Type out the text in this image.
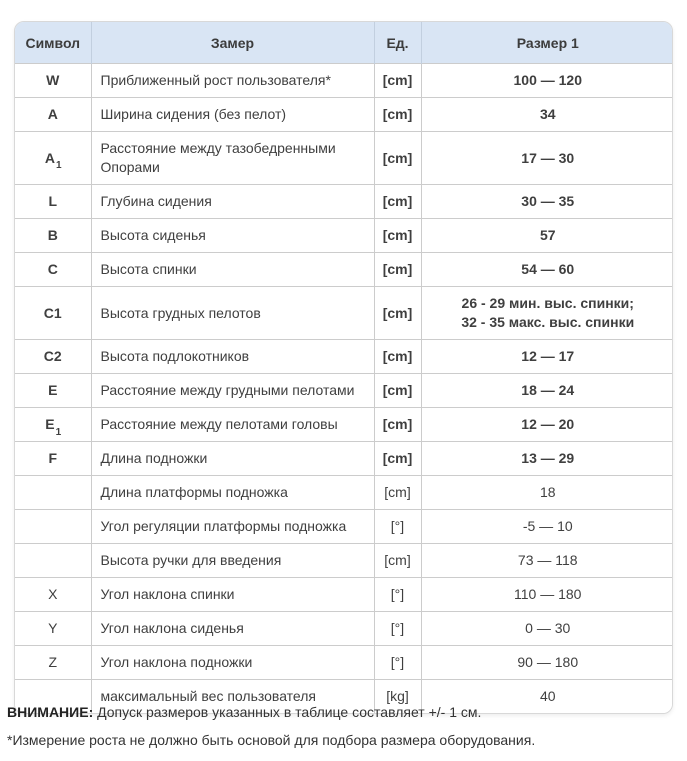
Символ	Замер	Ед.	Размер 1
W	Приближенный рост пользователя*	[cm]	100 — 120

A	Ширина сидения (без пелот)	[cm]	34

$A_1$	Расстояние между тазобедренными Опорами	[cm]	17 — 30

L	Глубина сидения	[cm]	30 — 35

B	Высота сиденья	[cm]	57

C	Высота спинки	[cm]	54 — 60

C1	Высота грудных пелотов	[cm]	26 - 29 мин. выс. спинки;
32 - 35 макс. выс. спинки

C2	Высота подлокотников	[cm]	12 — 17

E	Расстояние между грудными пелотами	[cm]	18 — 24

$E_1$	Расстояние между пелотами головы	[cm]	12 — 20

F	Длина подножки	[cm]	13 — 29

	Длина платформы подножка	[cm]	18

	Угол регуляции платформы подножка	[°]	-5 — 10

	Высота ручки для введения	[cm]	73 — 118

X	Угол наклона спинки	[°]	110 — 180

Y	Угол наклона сиденья	[°]	0 — 30

Z	Угол наклона подножки	[°]	90 — 180

	максимальный вес пользователя	[kg]	40
ВНИМАНИЕ: Допуск размеров указанных в таблице составляет +/- 1 см.
*Измерение роста не должно быть основой для подбора размера оборудования.
